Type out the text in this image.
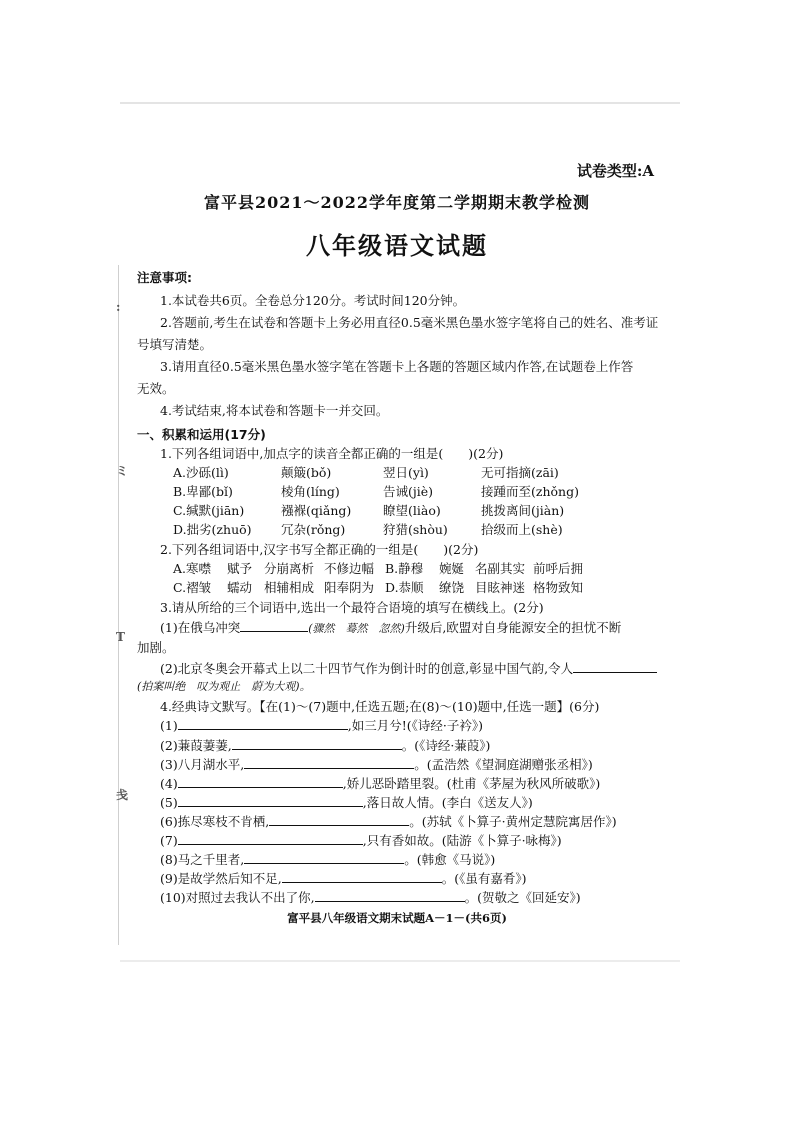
:
ミ
T
戋
试卷类型:A
富平县2021～2022学年度第二学期期末教学检测
八年级语文试题
注意事项:
1.本试卷共6页。全卷总分120分。考试时间120分钟。
2.答题前,考生在试卷和答题卡上务必用直径0.5毫米黑色墨水签字笔将自己的姓名、准考证
号填写清楚。
3.请用直径0.5毫米黑色墨水签字笔在答题卡上各题的答题区域内作答,在试题卷上作答
无效。
4.考试结束,将本试卷和答题卡一并交回。
一、积累和运用(17分)
1.下列各组词语中,加点字的读音全都正确的一组是(　　)(2分)
A.沙砾(lì)	颠簸(bǒ)	翌日(yì)	无可指摘(zāi)
B.卑鄙(bǐ)	棱角(líng)	告诫(jiè)	接踵而至(zhǒng)
C.缄默(jiān)	襁褓(qiǎng)	瞭望(liào)	挑拨离间(jiàn)
D.拙劣(zhuō) 冗杂(rǒng)	狩猎(shòu)	拾级而上(shè)
2.下列各组词语中,汉字书写全都正确的一组是(　　)(2分)
A.寒噤 赋予 分崩离析 不修边幅 B.静穆 婉娫 名副其实 前呼后拥
C.褶皱 蠕动 相辅相成 阳奉阴为 D.恭顺 缭饶 目眩神迷 格物致知
3.请从所给的三个词语中,选出一个最符合语境的填写在横线上。(2分)
(1)在俄乌冲突	(骤然　蓦然　忽然)升级后,欧盟对自身能源安全的担忧不断
加剧。
(2)北京冬奥会开幕式上以二十四节气作为倒计时的创意,彰显中国气韵,令人
(拍案叫绝　叹为观止　蔚为大观)。
4.经典诗文默写。【在(1)～(7)题中,任选五题;在(8)～(10)题中,任选一题】(6分)
(1)	,如三月兮!(《诗经·子衿》)
(2)蒹葭萋萋,	。(《诗经·蒹葭》)
(3)八月湖水平,	。(孟浩然《望洞庭湖赠张丞相》)
(4)	,娇儿恶卧踏里裂。(杜甫《茅屋为秋风所破歌》)
(5)	,落日故人情。(李白《送友人》)
(6)拣尽寒枝不肯栖,	。(苏轼《卜算子·黄州定慧院寓居作》)
(7)	,只有香如故。(陆游《卜算子·咏梅》)
(8)马之千里者,	。(韩愈《马说》)
(9)是故学然后知不足,	。(《虽有嘉肴》)
(10)对照过去我认不出了你,	。(贺敬之《回延安》)
富平县八年级语文期末试题A－1－(共6页)
